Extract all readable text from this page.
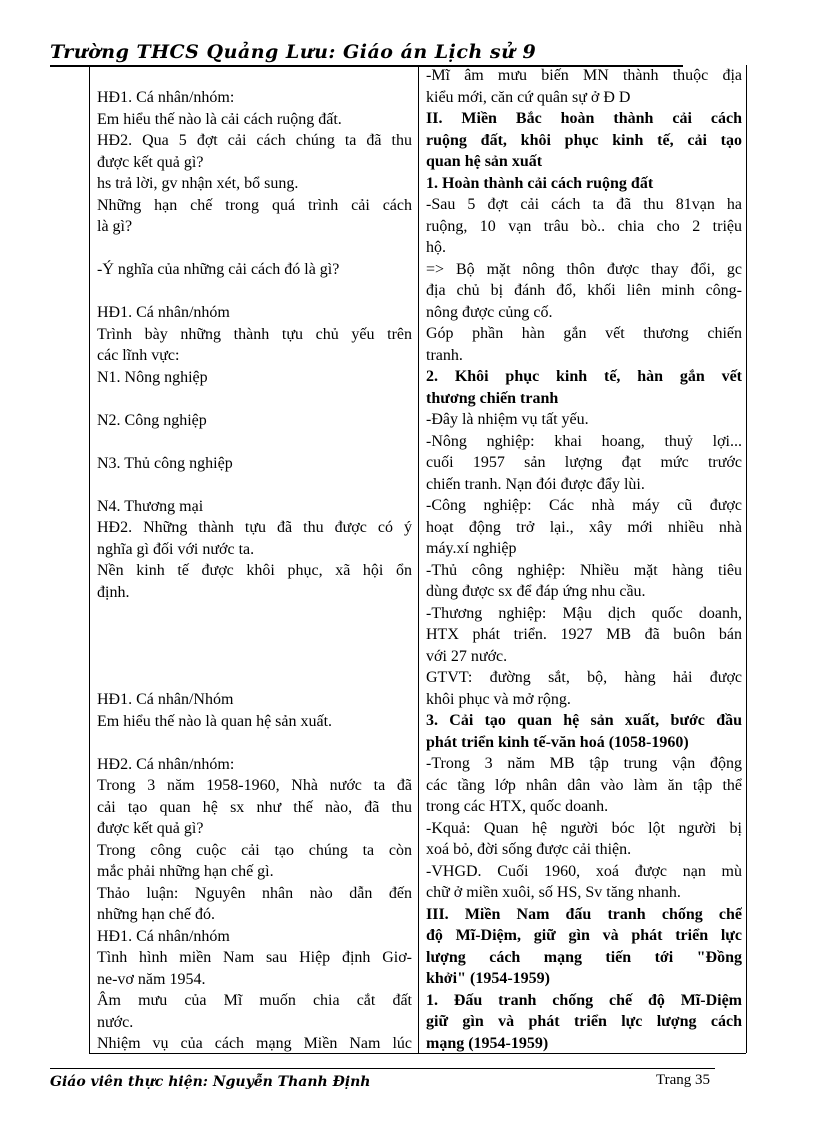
Trường THCS Quảng Lưu: Giáo án Lịch sử 9
HĐ1. Cá nhân/nhóm:
Em hiểu thế nào là cải cách ruộng đất.
HĐ2. Qua 5 đợt cải cách chúng ta đã thu
được kết quả gì?
hs trả lời, gv nhận xét, bổ sung.
Những hạn chế trong quá trình cải cách
là gì?
-Ý nghĩa của những cải cách đó là gì?
HĐ1. Cá nhân/nhóm
Trình bày những thành tựu chủ yếu trên
các lĩnh vực:
N1. Nông nghiệp
N2. Công nghiệp
N3. Thủ công nghiệp
N4. Thương mại
HĐ2. Những thành tựu đã thu được có ý
nghĩa gì đối với nước ta.
Nền kinh tế được khôi phục, xã hội ổn
định.
HĐ1. Cá nhân/Nhóm
Em hiểu thế nào là quan hệ sản xuất.
HĐ2. Cá nhân/nhóm:
Trong 3 năm 1958-1960, Nhà nước ta đã
cải tạo quan hệ sx như thế nào, đã thu
được kết quả gì?
Trong công cuộc cải tạo chúng ta còn
mắc phải những hạn chế gì.
Thảo luận: Nguyên nhân nào dẫn đến
những hạn chế đó.
HĐ1. Cá nhân/nhóm
Tình hình miền Nam sau Hiệp định Giơ-
ne-vơ năm 1954.
Âm mưu của Mĩ muốn chia cắt đất
nước.
Nhiệm vụ của cách mạng Miền Nam lúc
-Mĩ âm mưu biến MN thành thuộc địa
kiểu mới, căn cứ quân sự ở Đ D
II. Miền Bắc hoàn thành cải cách
ruộng đất, khôi phục kinh tế, cải tạo
quan hệ sản xuất
1. Hoàn thành cải cách ruộng đất
-Sau 5 đợt cải cách ta đã thu 81vạn ha
ruộng, 10 vạn trâu bò.. chia cho 2 triệu
hộ.
=> Bộ mặt nông thôn được thay đổi, gc
địa chủ bị đánh đổ, khối liên minh công-
nông được củng cố.
Góp phần hàn gắn vết thương chiến
tranh.
2. Khôi phục kinh tế, hàn gắn vết
thương chiến tranh
-Đây là nhiệm vụ tất yếu.
-Nông nghiệp: khai hoang, thuỷ lợi...
cuối 1957 sản lượng đạt mức trước
chiến tranh. Nạn đói được đẩy lùi.
-Công nghiệp: Các nhà máy cũ được
hoạt động trở lại., xây mới nhiều nhà
máy.xí nghiệp
-Thủ công nghiệp: Nhiều mặt hàng tiêu
dùng được sx để đáp ứng nhu cầu.
-Thương nghiệp: Mậu dịch quốc doanh,
HTX phát triển. 1927 MB đã buôn bán
với 27 nước.
GTVT: đường sắt, bộ, hàng hải được
khôi phục và mở rộng.
3. Cải tạo quan hệ sản xuất, bước đầu
phát triển kinh tế-văn hoá (1058-1960)
-Trong 3 năm MB tập trung vận động
các tầng lớp nhân dân vào làm ăn tập thể
trong các HTX, quốc doanh.
-Kquả: Quan hệ người bóc lột người bị
xoá bỏ, đời sống được cải thiện.
-VHGD. Cuối 1960, xoá được nạn mù
chữ ở miền xuôi, số HS, Sv tăng nhanh.
III. Miền Nam đấu tranh chống chế
độ Mĩ-Diệm, giữ gìn và phát triển lực
lượng cách mạng tiến tới "Đồng
khởi" (1954-1959)
1. Đấu tranh chống chế độ Mĩ-Diệm
giữ gìn và phát triển lực lượng cách
mạng (1954-1959)
Giáo viên thực hiện: Nguyễn Thanh Định	Trang 35
